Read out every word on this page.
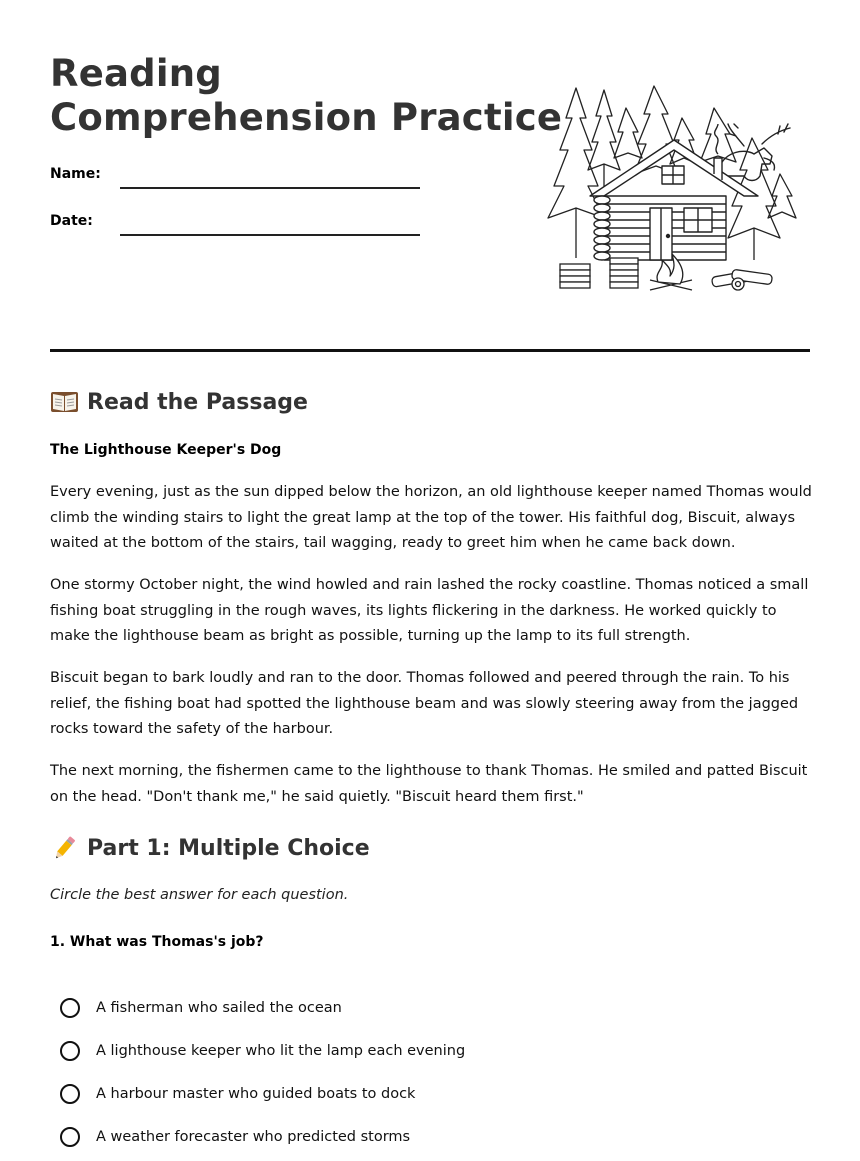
Reading
Comprehension Practice
Name:
Date:
Read the Passage
The Lighthouse Keeper's Dog

Every evening, just as the sun dipped below the horizon, an old lighthouse keeper named Thomas would climb the winding stairs to light the great lamp at the top of the tower. His faithful dog, Biscuit, always waited at the bottom of the stairs, tail wagging, ready to greet him when he came back down.

One stormy October night, the wind howled and rain lashed the rocky coastline. Thomas noticed a small fishing boat struggling in the rough waves, its lights flickering in the darkness. He worked quickly to make the lighthouse beam as bright as possible, turning up the lamp to its full strength.

Biscuit began to bark loudly and ran to the door. Thomas followed and peered through the rain. To his relief, the fishing boat had spotted the lighthouse beam and was slowly steering away from the jagged rocks toward the safety of the harbour.

The next morning, the fishermen came to the lighthouse to thank Thomas. He smiled and patted Biscuit on the head. "Don't thank me," he said quietly. "Biscuit heard them first."

Part 1: Multiple Choice
Circle the best answer for each question.
1. What was Thomas's job?
A fisherman who sailed the ocean
A lighthouse keeper who lit the lamp each evening
A harbour master who guided boats to dock
A weather forecaster who predicted storms
